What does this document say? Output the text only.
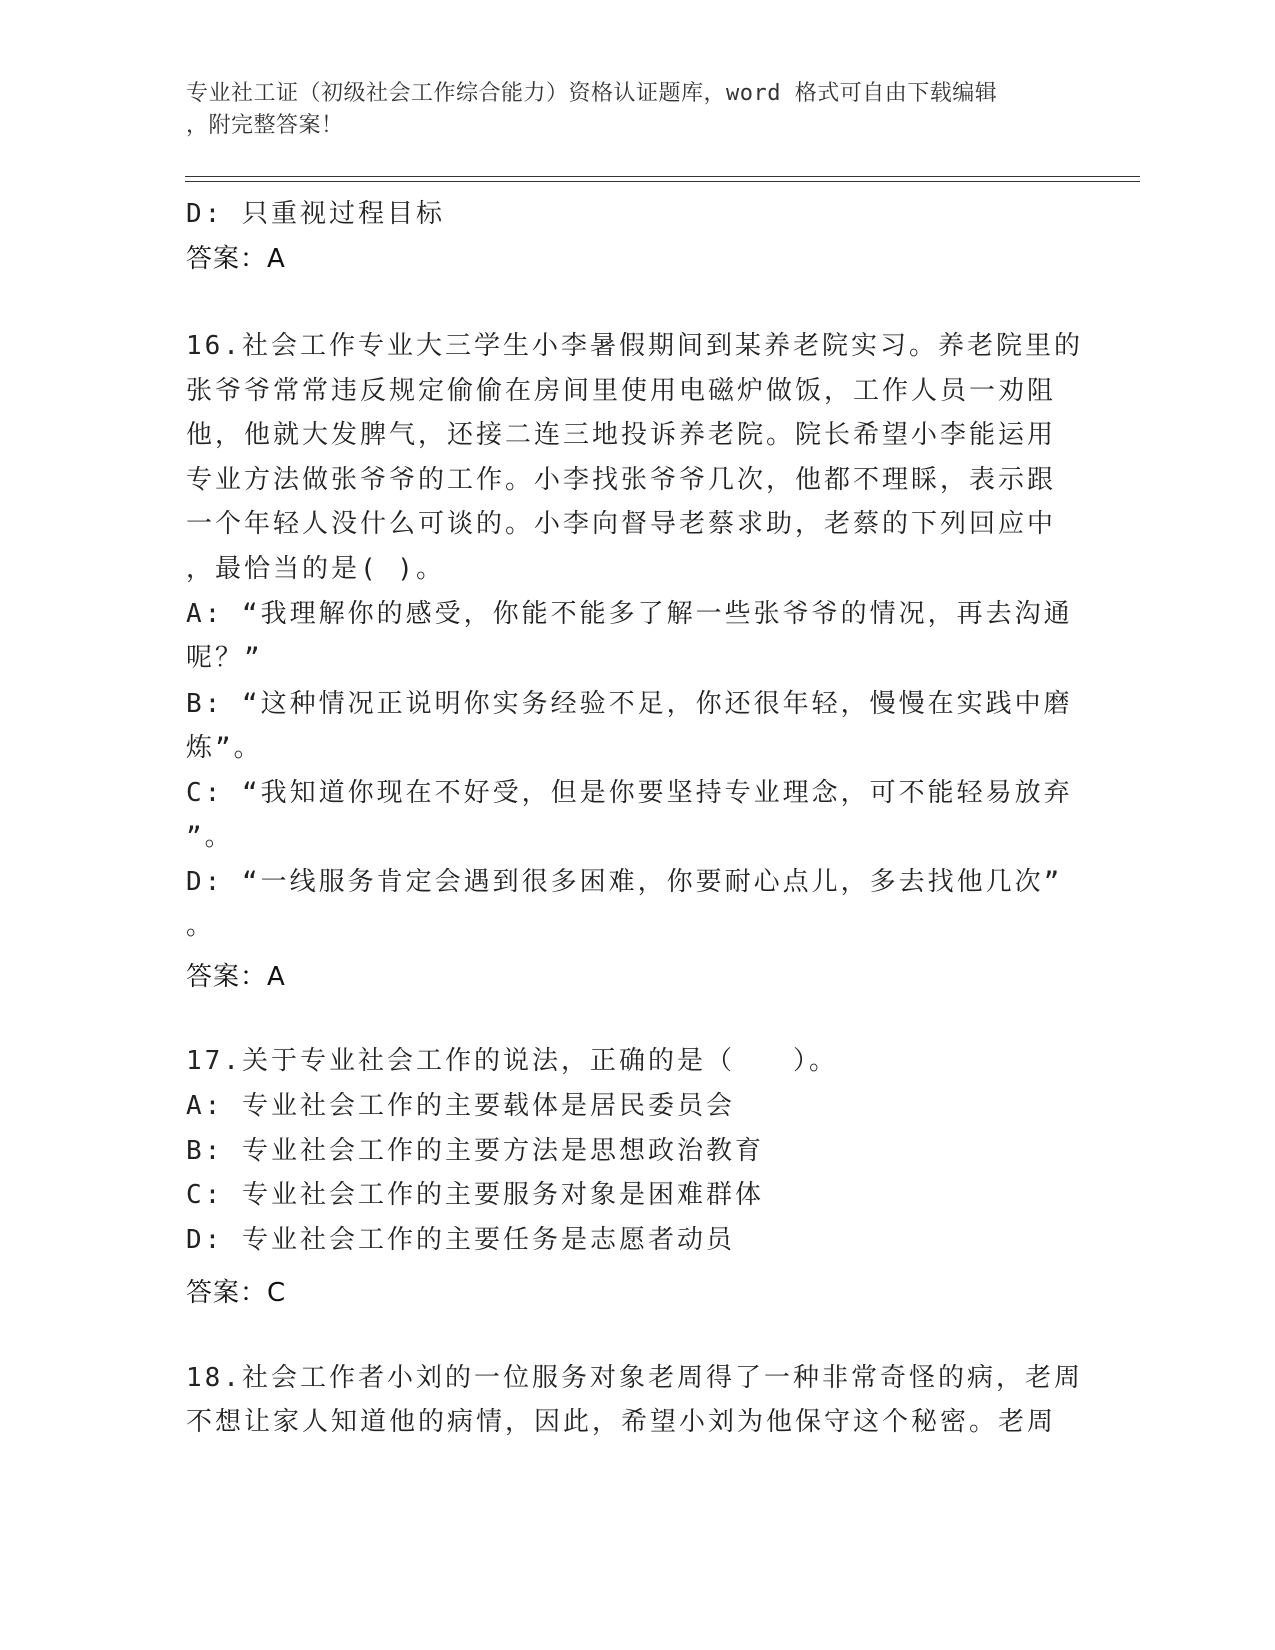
专业社工证（初级社会工作综合能力）资格认证题库，word 格式可自由下载编辑
，附完整答案！
D: 只重视过程目标
答案：A
16.社会工作专业大三学生小李暑假期间到某养老院实习。养老院里的
张爷爷常常违反规定偷偷在房间里使用电磁炉做饭，工作人员一劝阻
他，他就大发脾气，还接二连三地投诉养老院。院长希望小李能运用
专业方法做张爷爷的工作。小李找张爷爷几次，他都不理睬，表示跟
一个年轻人没什么可谈的。小李向督导老蔡求助，老蔡的下列回应中
，最恰当的是( )。
A: “我理解你的感受，你能不能多了解一些张爷爷的情况，再去沟通
呢？”
B: “这种情况正说明你实务经验不足，你还很年轻，慢慢在实践中磨
炼”。
C: “我知道你现在不好受，但是你要坚持专业理念，可不能轻易放弃
”。
D: “一线服务肯定会遇到很多困难，你要耐心点儿，多去找他几次”
。
答案：A
17.关于专业社会工作的说法，正确的是（　　）。
A: 专业社会工作的主要载体是居民委员会
B: 专业社会工作的主要方法是思想政治教育
C: 专业社会工作的主要服务对象是困难群体
D: 专业社会工作的主要任务是志愿者动员
答案：C
18.社会工作者小刘的一位服务对象老周得了一种非常奇怪的病，老周
不想让家人知道他的病情，因此，希望小刘为他保守这个秘密。老周
